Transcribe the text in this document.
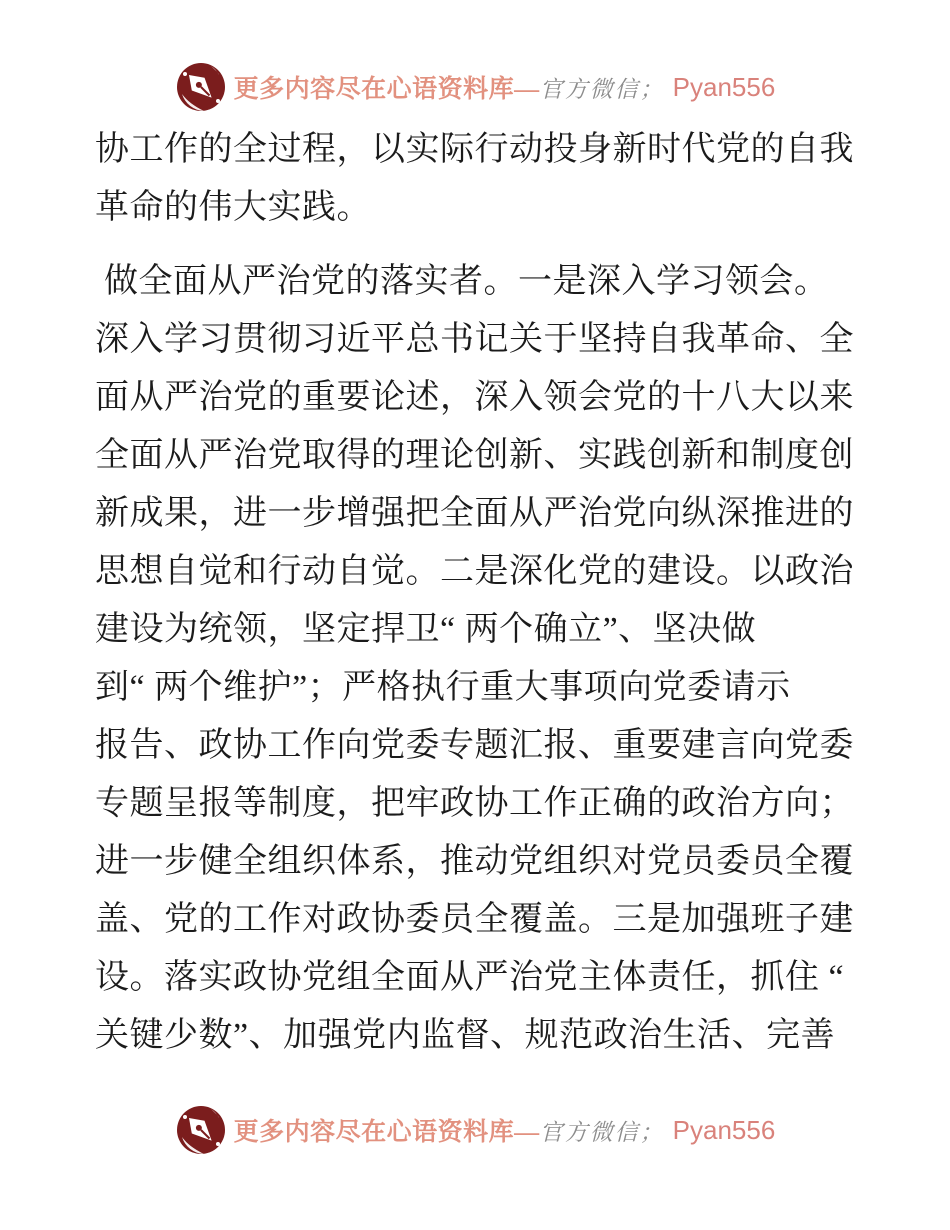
更多内容尽在心语资料库— 官方微信； Pyan556
协工作的全过程，以实际行动投身新时代党的自我
革命的伟大实践。
做全面从严治党的落实者。一是深入学习领会。
深入学习贯彻习近平总书记关于坚持自我革命、全
面从严治党的重要论述，深入领会党的十八大以来
全面从严治党取得的理论创新、实践创新和制度创
新成果，进一步增强把全面从严治党向纵深推进的
思想自觉和行动自觉。二是深化党的建设。以政治
建设为统领，坚定捍卫“ 两个确立”、坚决做
到“ 两个维护”；严格执行重大事项向党委请示
报告、政协工作向党委专题汇报、重要建言向党委
专题呈报等制度，把牢政协工作正确的政治方向；
进一步健全组织体系，推动党组织对党员委员全覆
盖、党的工作对政协委员全覆盖。三是加强班子建
设。落实政协党组全面从严治党主体责任，抓住 “
关键少数”、加强党内监督、规范政治生活、完善
更多内容尽在心语资料库— 官方微信； Pyan556
